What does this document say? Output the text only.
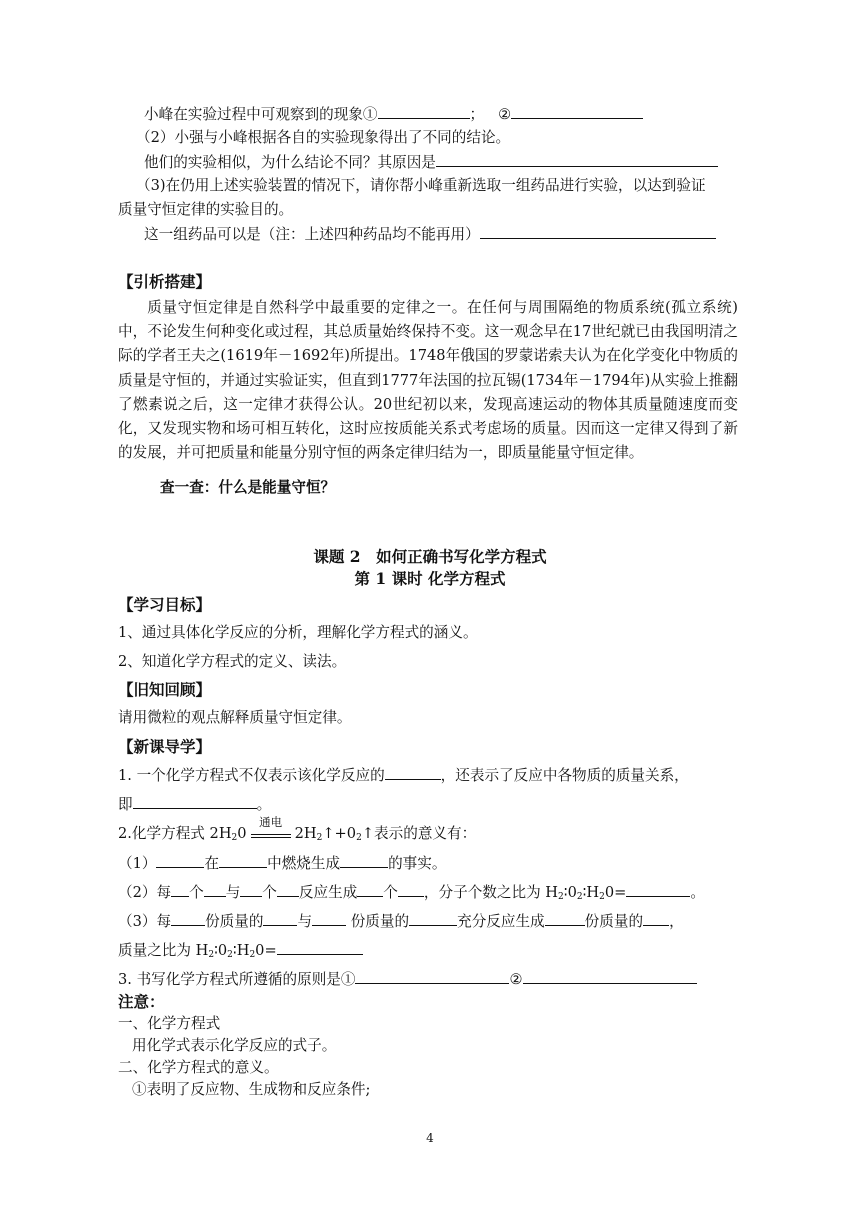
小峰在实验过程中可观察到的现象①	； ②
（2）小强与小峰根据各自的实验现象得出了不同的结论。
他们的实验相似，为什么结论不同？其原因是
（3)在仍用上述实验装置的情况下，请你帮小峰重新选取一组药品进行实验，以达到验证
质量守恒定律的实验目的。
这一组药品可以是（注：上述四种药品均不能再用）
【引析搭建】
质量守恒定律是自然科学中最重要的定律之一。在任何与周围隔绝的物质系统(孤立系统)中，不论发生何种变化或过程，其总质量始终保持不变。这一观念早在17世纪就已由我国明清之际的学者王夫之(1619年－1692年)所提出。1748年俄国的罗蒙诺索夫认为在化学变化中物质的质量是守恒的，并通过实验证实，但直到1777年法国的拉瓦锡(1734年－1794年)从实验上推翻了燃素说之后，这一定律才获得公认。20世纪初以来，发现高速运动的物体其质量随速度而变化，又发现实物和场可相互转化，这时应按质能关系式考虑场的质量。因而这一定律又得到了新的发展，并可把质量和能量分别守恒的两条定律归结为一，即质量能量守恒定律。
查一查：什么是能量守恒？
课题 2　如何正确书写化学方程式
第 1 课时 化学方程式
【学习目标】
1、通过具体化学反应的分析，理解化学方程式的涵义。
2、知道化学方程式的定义、读法。
【旧知回顾】
请用微粒的观点解释质量守恒定律。
【新课导学】
1. 一个化学方程式不仅表示该化学反应的	，还表示了反应中各物质的质量关系，
即	。
2.化学方程式 $2H_20$
通电
$2H_2↑+0_2↑$表示的意义有：
（1）	在	中燃烧生成	的事实。
（2）每 个 与 个 反应生成 个 ，分子个数之比为 $H_2∶0_2∶H_20=$	。
（3）每 份质量的 与 份质量的	充分反应生成	份质量的 ，
质量之比为 $H_2∶0_2∶H_20=$
3. 书写化学方程式所遵循的原则是①	②
注意：
一、化学方程式
用化学式表示化学反应的式子。
二、化学方程式的意义。
①表明了反应物、生成物和反应条件;
4
